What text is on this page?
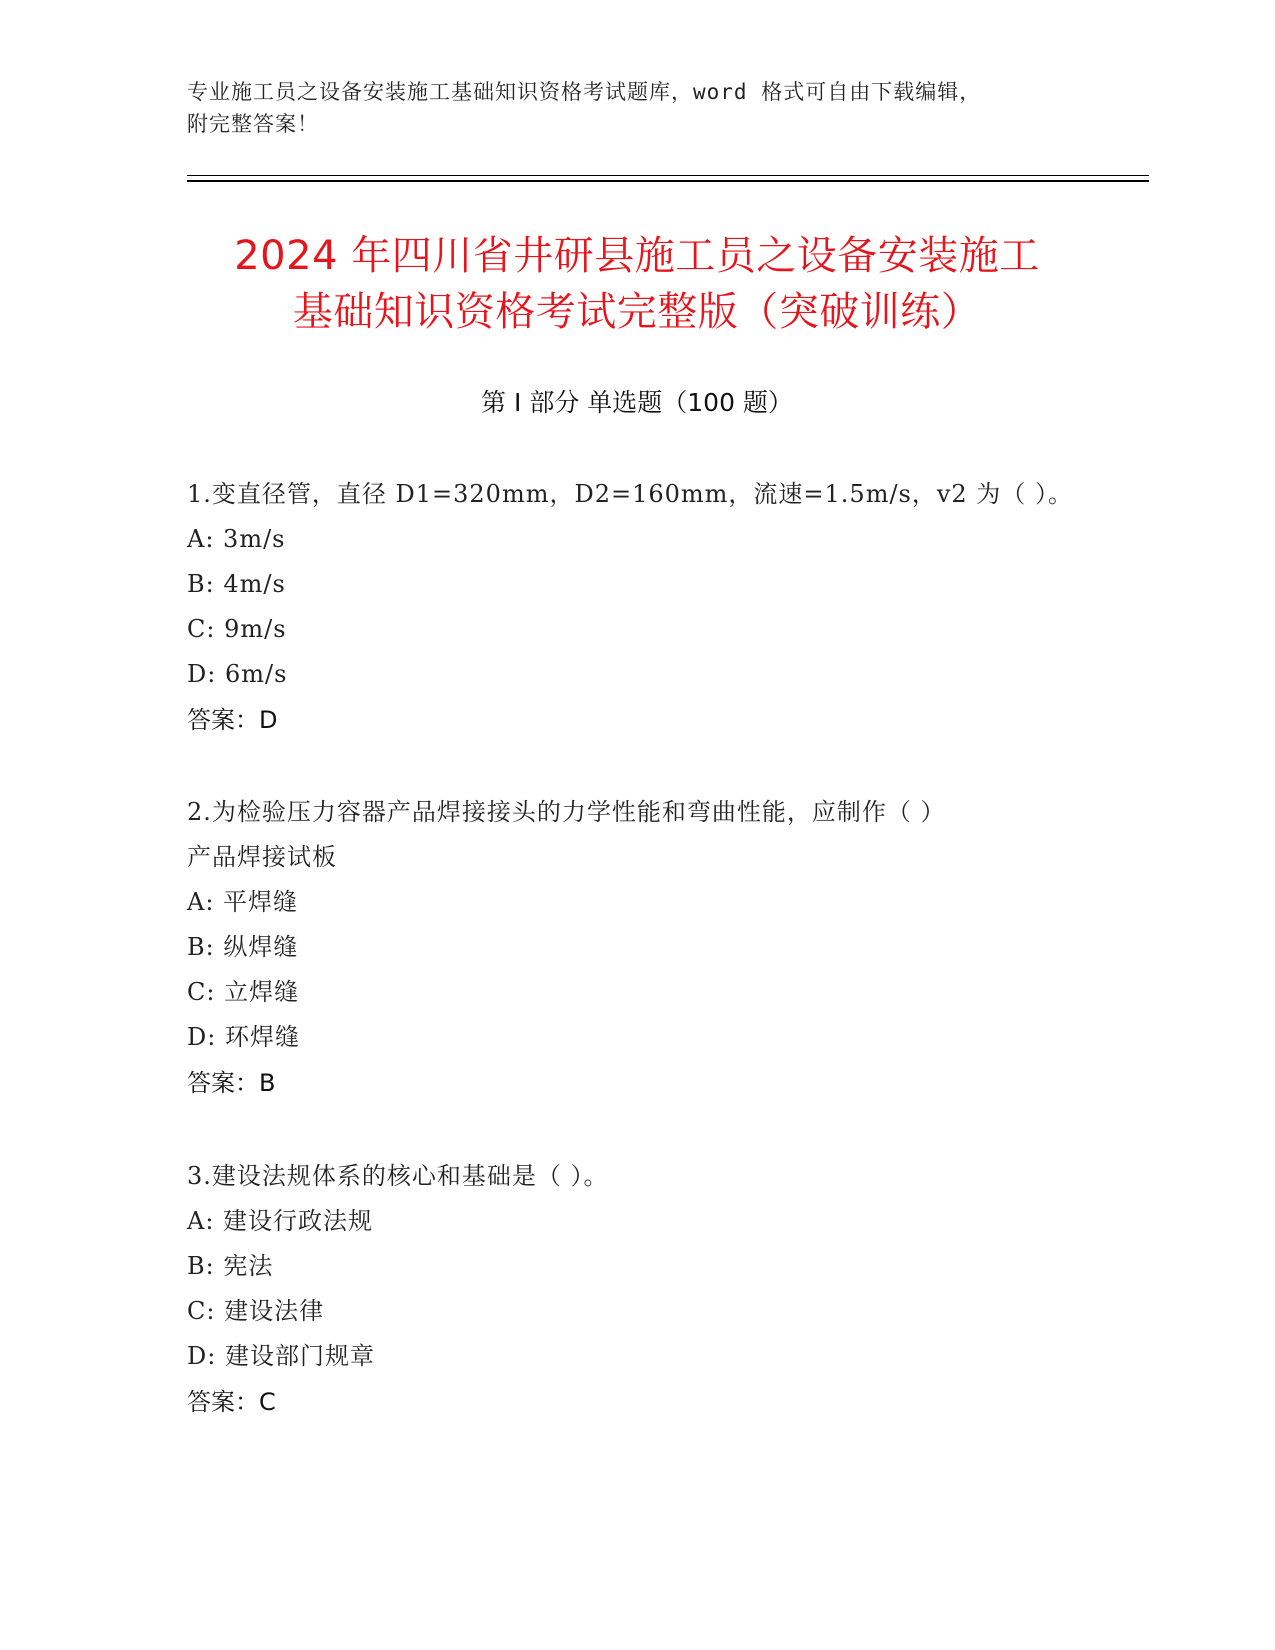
专业施工员之设备安装施工基础知识资格考试题库，word 格式可自由下载编辑，
附完整答案！
2024 年四川省井研县施工员之设备安装施工
基础知识资格考试完整版（突破训练）
第 I 部分 单选题（100 题）

1.变直径管，直径 D1=320mm，D2=160mm，流速=1.5m/s，v2 为（ ）。

A: 3m/s

B: 4m/s

C: 9m/s

D: 6m/s

答案：D

2.为检验压力容器产品焊接接头的力学性能和弯曲性能，应制作（ ）

产品焊接试板

A: 平焊缝

B: 纵焊缝

C: 立焊缝

D: 环焊缝

答案：B

3.建设法规体系的核心和基础是（ ）。

A: 建设行政法规

B: 宪法

C: 建设法律

D: 建设部门规章

答案：C
